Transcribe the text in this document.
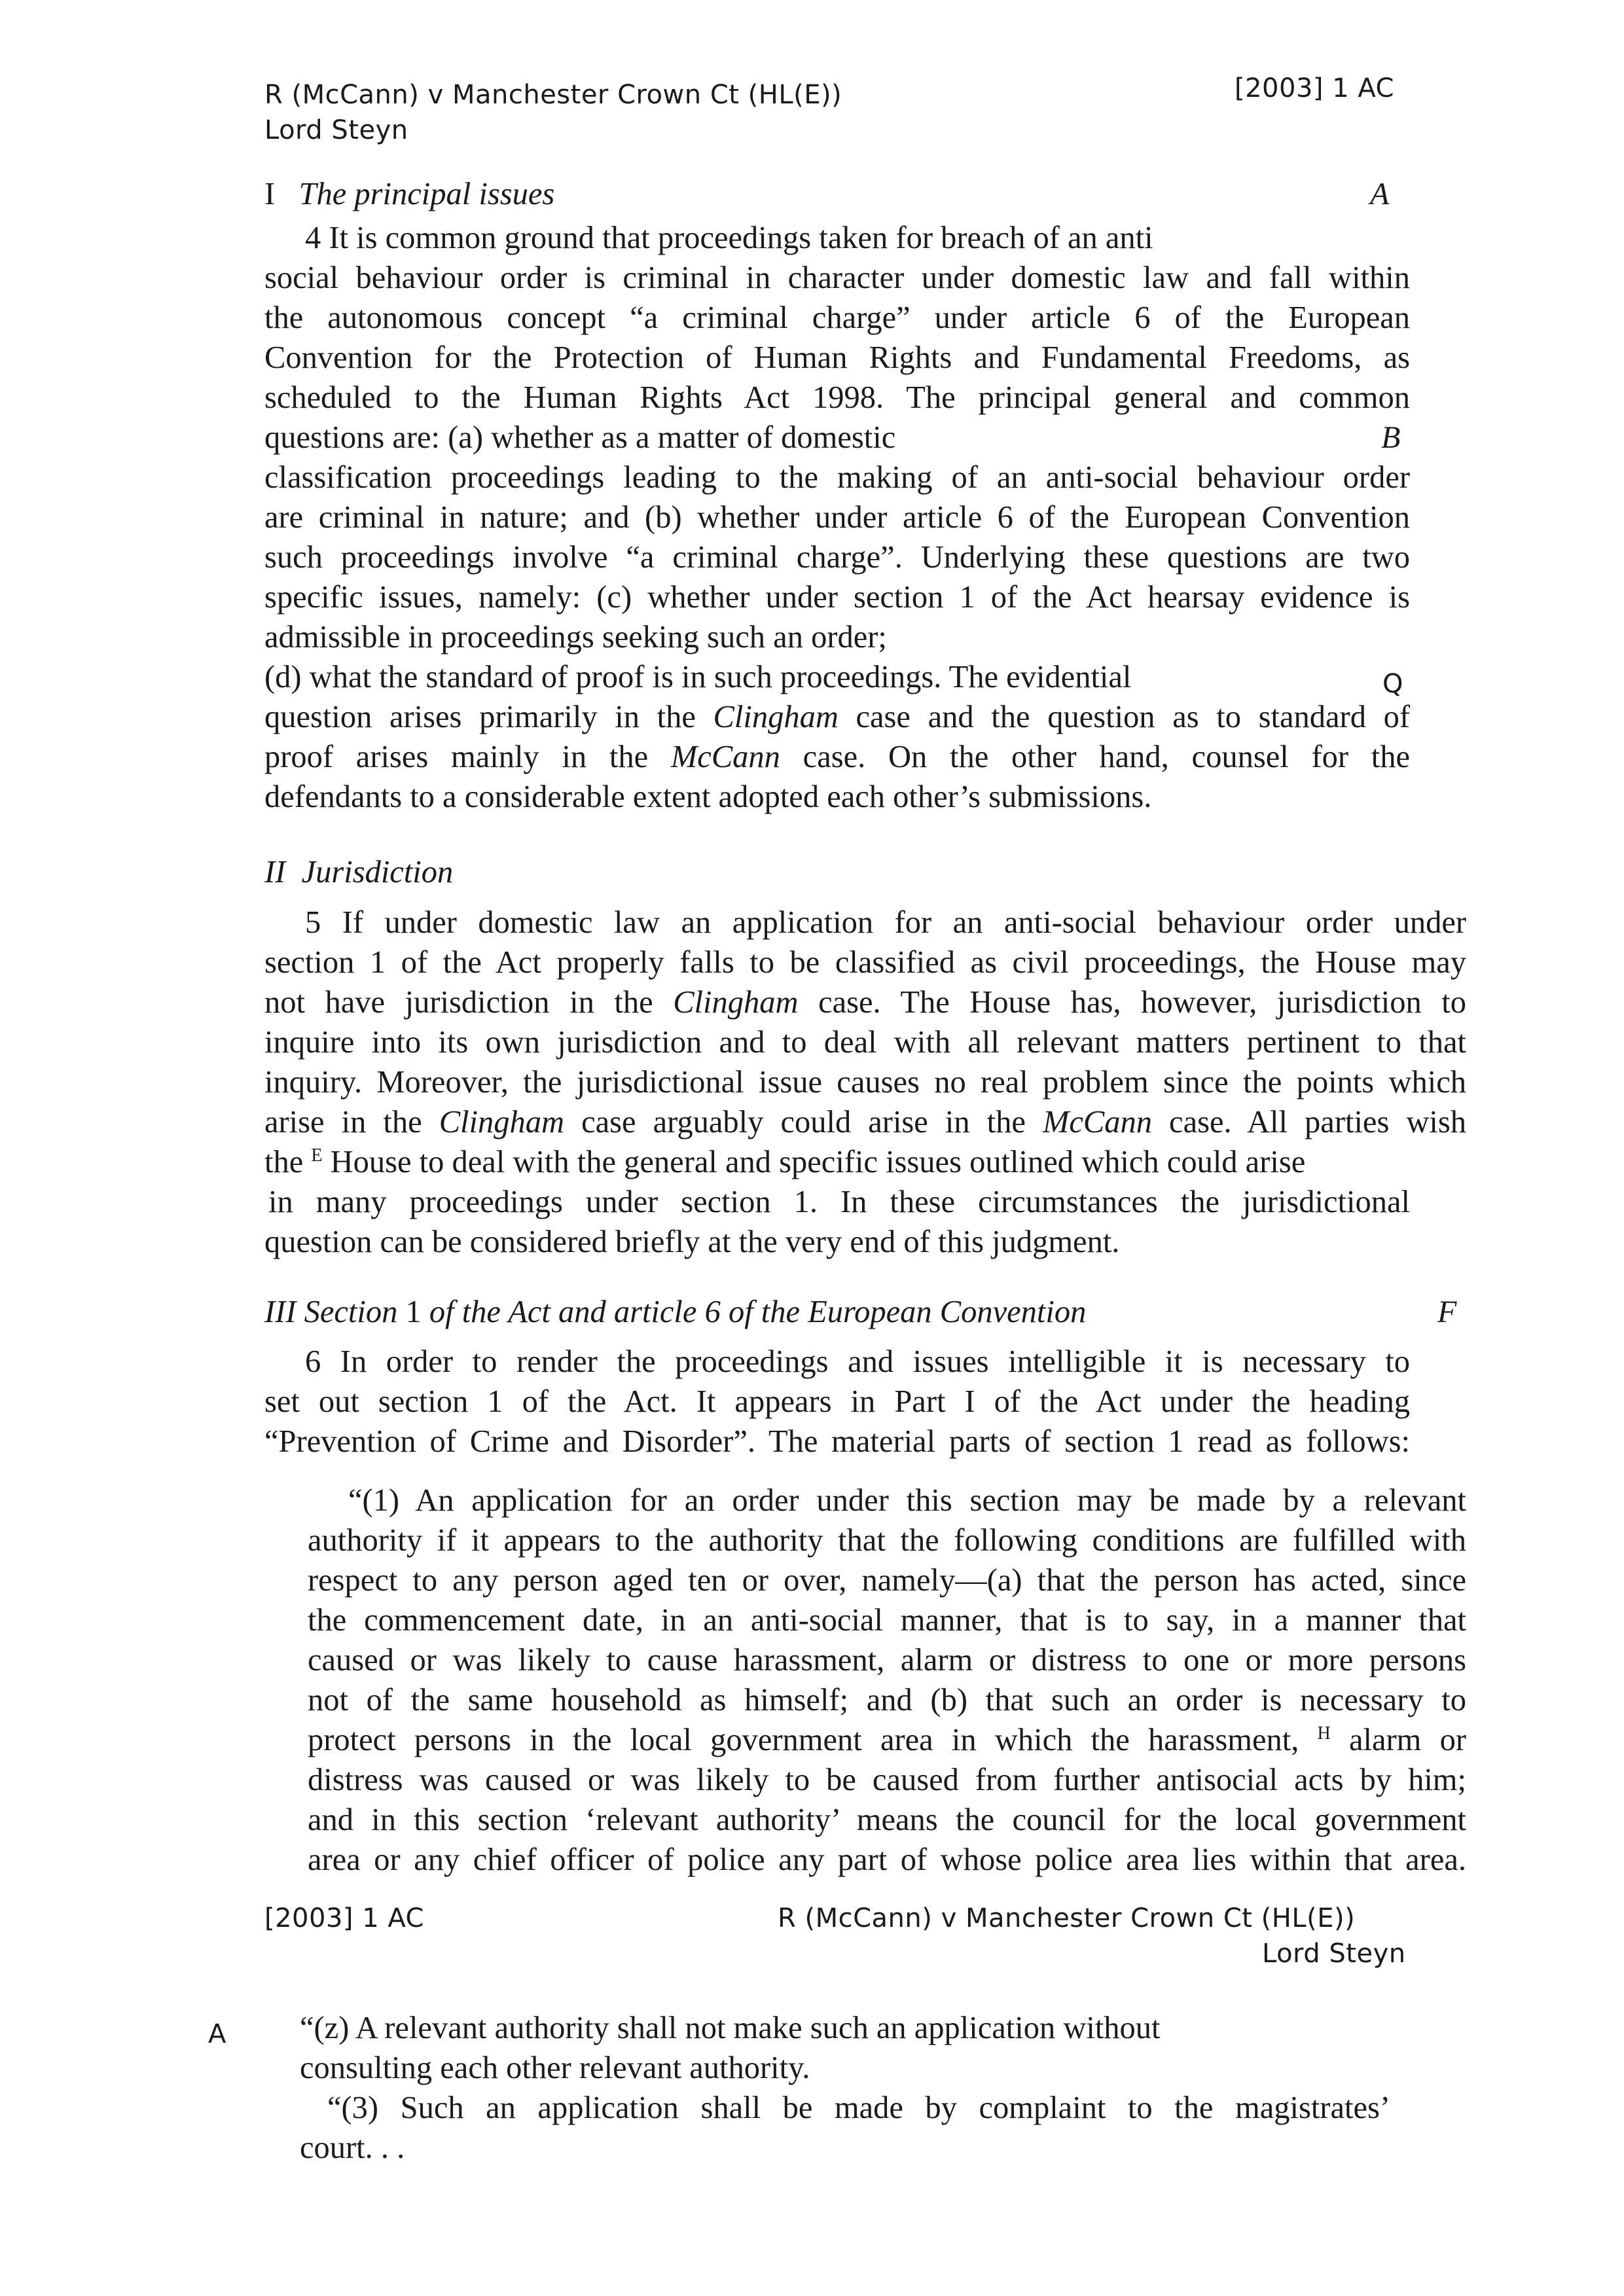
R (McCann) v Manchester Crown Ct (HL(E))
Lord Steyn
[2003] 1 AC
I The principal issues	A
4 It is common ground that proceedings taken for breach of an anti
social behaviour order is criminal in character under domestic law and fall within
the autonomous concept “a criminal charge” under article 6 of the European
Convention for the Protection of Human Rights and Fundamental Freedoms, as
scheduled to the Human Rights Act 1998. The principal general and common
questions are: (a) whether as a matter of domestic
classification proceedings leading to the making of an anti-social behaviour order
are criminal in nature; and (b) whether under article 6 of the European Convention
such proceedings involve “a criminal charge”. Underlying these questions are two
specific issues, namely: (c) whether under section 1 of the Act hearsay evidence is
admissible in proceedings seeking such an order;
(d) what the standard of proof is in such proceedings. The evidential
question arises primarily in the Clingham case and the question as to standard of
proof arises mainly in the McCann case. On the other hand, counsel for the
defendants to a considerable extent adopted each other’s submissions.
B
Q
II Jurisdiction
5 If under domestic law an application for an anti-social behaviour order under
section 1 of the Act properly falls to be classified as civil proceedings, the House may
not have jurisdiction in the Clingham case. The House has, however, jurisdiction to
inquire into its own jurisdiction and to deal with all relevant matters pertinent to that
inquiry. Moreover, the jurisdictional issue causes no real problem since the points which
arise in the Clingham case arguably could arise in the McCann case. All parties wish
the $^E$ House to deal with the general and specific issues outlined which could arise
in many proceedings under section 1. In these circumstances the jurisdictional
question can be considered briefly at the very end of this judgment.
III Section 1 of the Act and article 6 of the European Convention	F
6 In order to render the proceedings and issues intelligible it is necessary to
set out section 1 of the Act. It appears in Part I of the Act under the heading
“Prevention of Crime and Disorder”. The material parts of section 1 read as follows:
“(1) An application for an order under this section may be made by a relevant
authority if it appears to the authority that the following conditions are fulfilled with
respect to any person aged ten or over, namely—(a) that the person has acted, since
the commencement date, in an anti-social manner, that is to say, in a manner that
caused or was likely to cause harassment, alarm or distress to one or more persons
not of the same household as himself; and (b) that such an order is necessary to
protect persons in the local government area in which the harassment, $^H$ alarm or
distress was caused or was likely to be caused from further antisocial acts by him;
and in this section ‘relevant authority’ means the council for the local government
area or any chief officer of police any part of whose police area lies within that area.
[2003] 1 AC	R (McCann) v Manchester Crown Ct (HL(E))
Lord Steyn
A “(z) A relevant authority shall not make such an application without
consulting each other relevant authority.
“(3) Such an application shall be made by complaint to the magistrates’
court. . .
